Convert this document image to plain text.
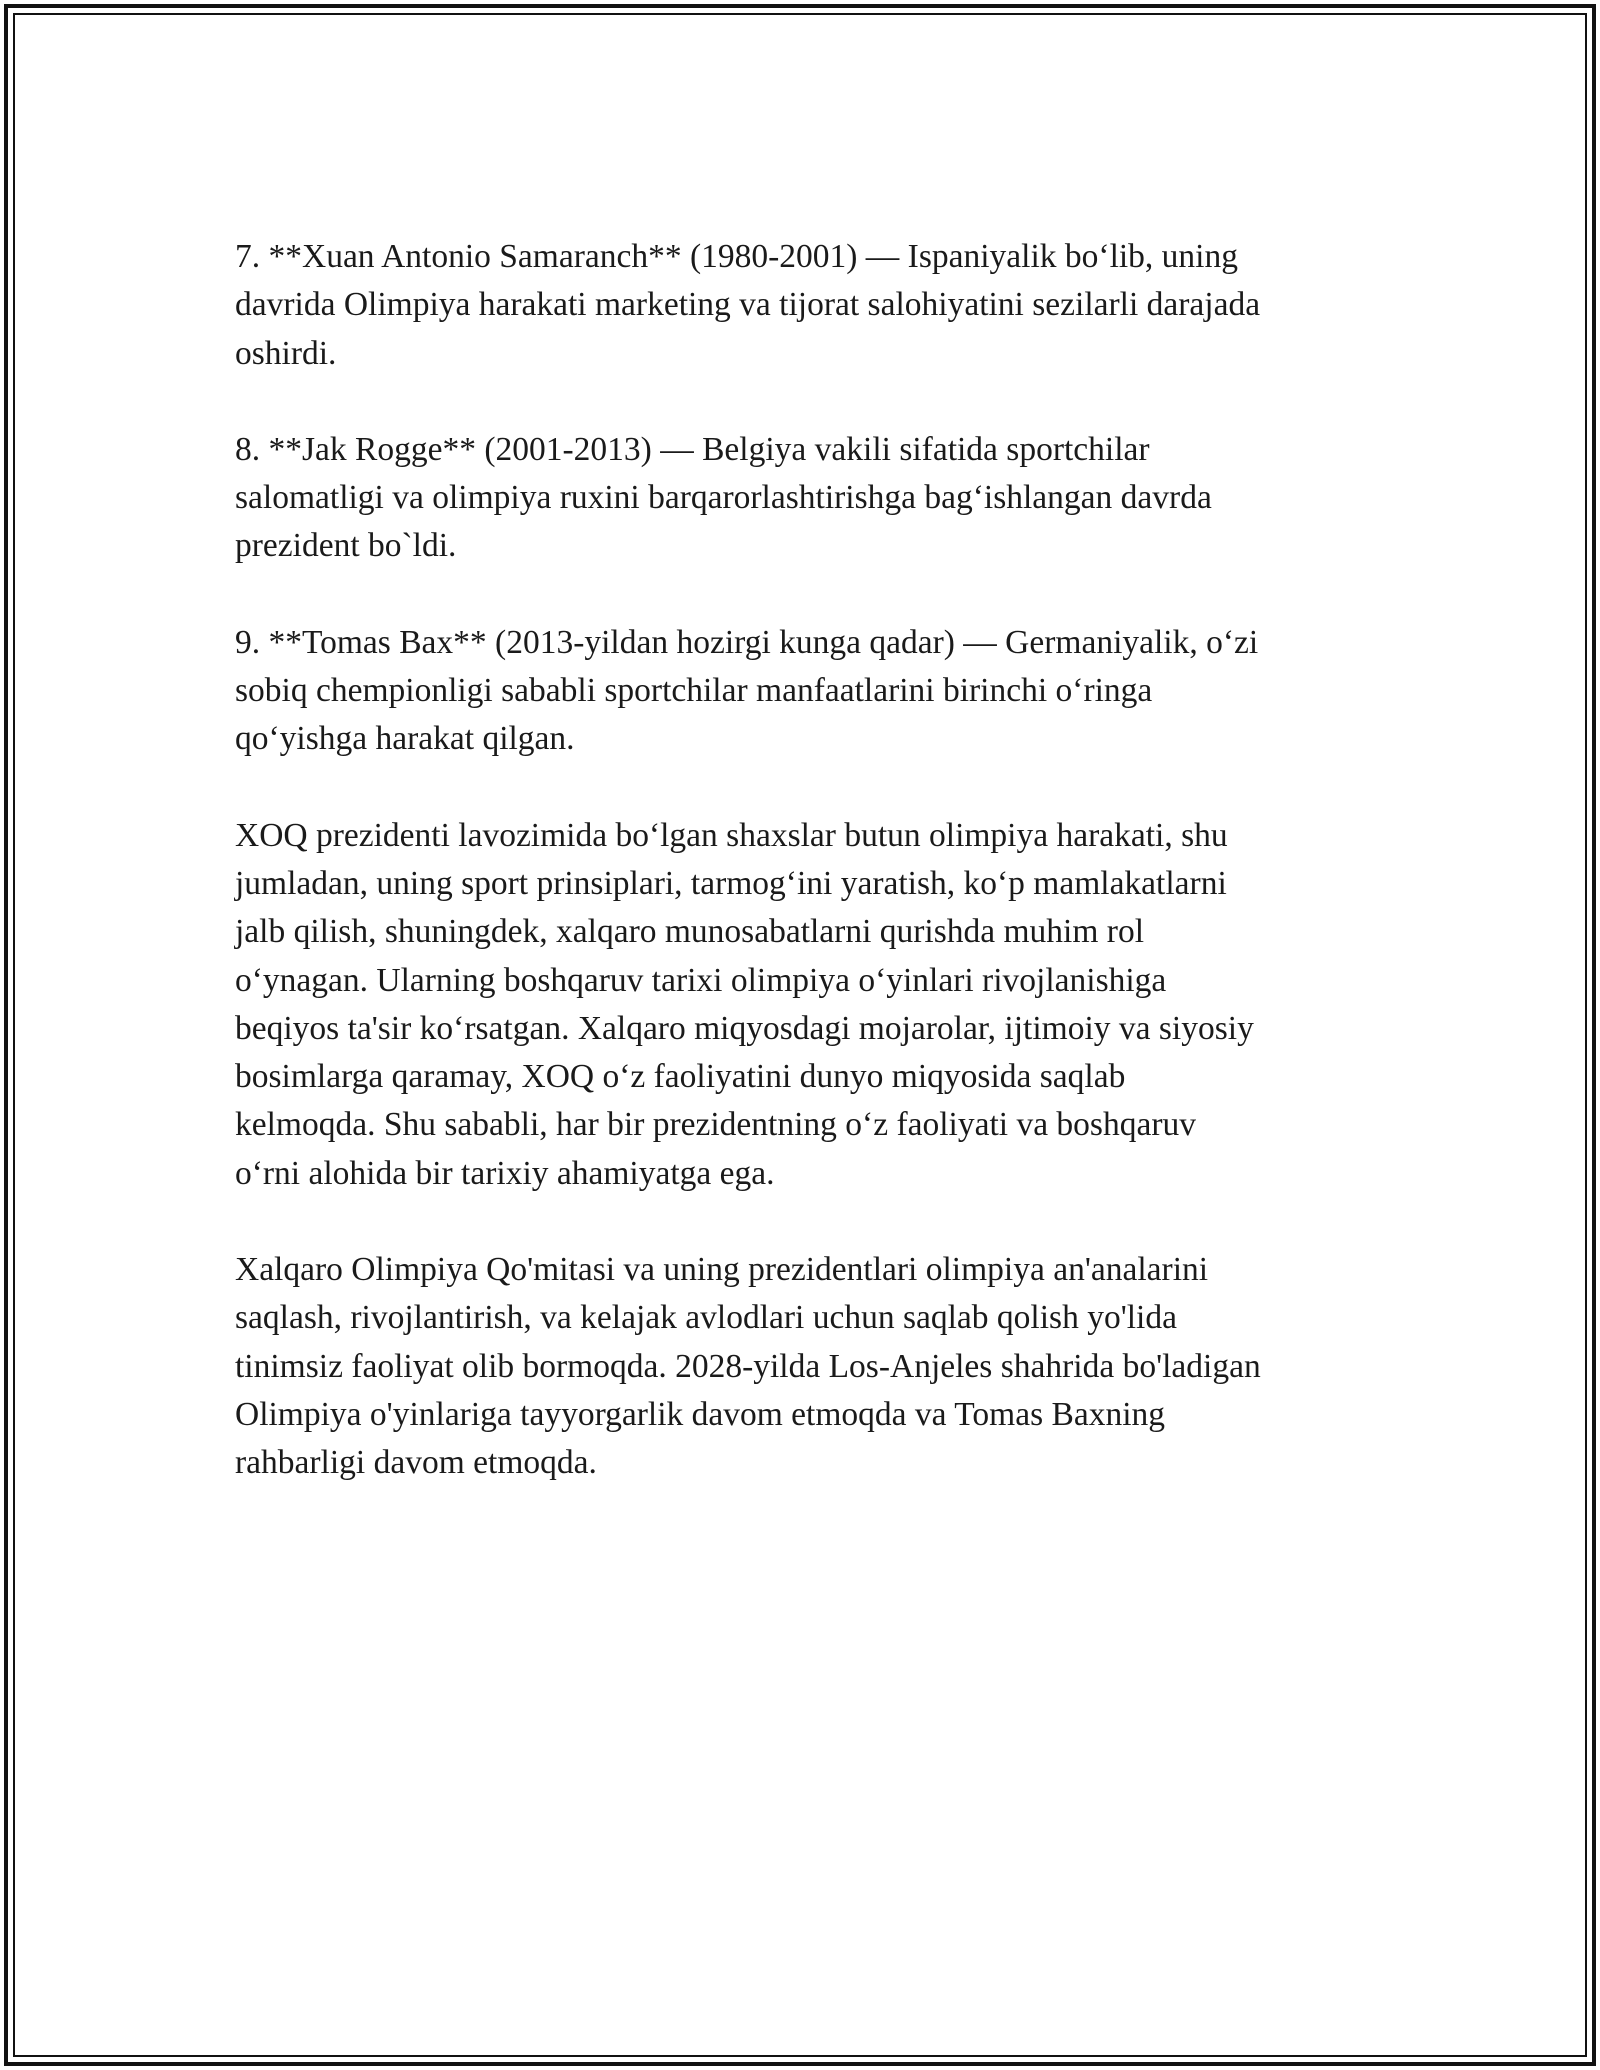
7. **Xuan Antonio Samaranch** (1980-2001) — Ispaniyalik bo‘lib, uning
davrida Olimpiya harakati marketing va tijorat salohiyatini sezilarli darajada
oshirdi.

8. **Jak Rogge** (2001-2013) — Belgiya vakili sifatida sportchilar
salomatligi va olimpiya ruxini barqarorlashtirishga bag‘ishlangan davrda
prezident bo`ldi.

9. **Tomas Bax** (2013-yildan hozirgi kunga qadar) — Germaniyalik, o‘zi
sobiq chempionligi sababli sportchilar manfaatlarini birinchi o‘ringa
qo‘yishga harakat qilgan.

XOQ prezidenti lavozimida bo‘lgan shaxslar butun olimpiya harakati, shu
jumladan, uning sport prinsiplari, tarmog‘ini yaratish, ko‘p mamlakatlarni
jalb qilish, shuningdek, xalqaro munosabatlarni qurishda muhim rol
o‘ynagan. Ularning boshqaruv tarixi olimpiya o‘yinlari rivojlanishiga
beqiyos ta'sir ko‘rsatgan. Xalqaro miqyosdagi mojarolar, ijtimoiy va siyosiy
bosimlarga qaramay, XOQ o‘z faoliyatini dunyo miqyosida saqlab
kelmoqda. Shu sababli, har bir prezidentning o‘z faoliyati va boshqaruv
o‘rni alohida bir tarixiy ahamiyatga ega.

Xalqaro Olimpiya Qo'mitasi va uning prezidentlari olimpiya an'analarini
saqlash, rivojlantirish, va kelajak avlodlari uchun saqlab qolish yo'lida
tinimsiz faoliyat olib bormoqda. 2028-yilda Los-Anjeles shahrida bo'ladigan
Olimpiya o'yinlariga tayyorgarlik davom etmoqda va Tomas Baxning
rahbarligi davom etmoqda.
